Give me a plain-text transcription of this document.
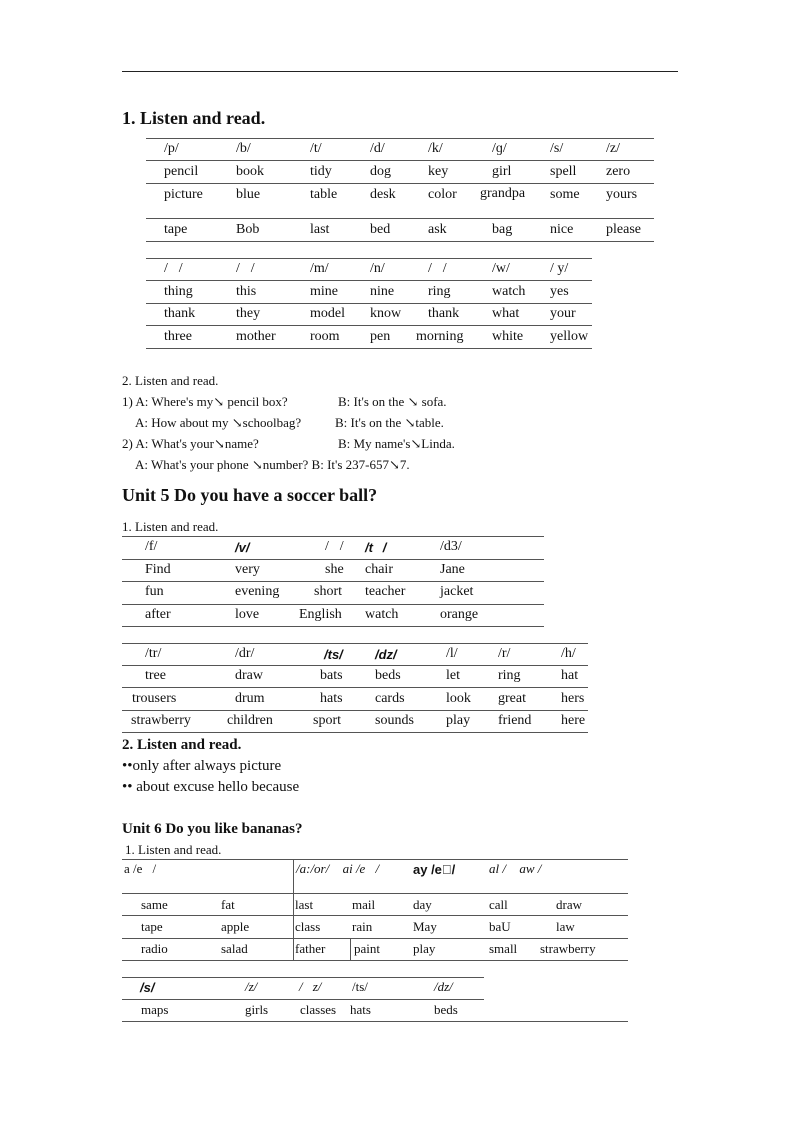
1. Listen and read.
/p/	/b/	/t/	/d/	/k/	/ɡ/	/s/	/z/
pencil	book	tidy	dog	key	girl	spell zero
picture blue	table desk color grandpa	some yours
tape	Bob	last	bed	ask	bag	nice please
/ /	/ /	/m/	/n/	/ /	/w/	/ y/
thing	this	mine nine ring	watch yes
thank	they	model know thank what your
three	mother room pen morning white yellow
2. Listen and read.
1) A: Where's my↘ pencil box?	B: It's on the ↘ sofa.
A: How about my ↘schoolbag?	B: It's on the ↘table.
2) A: What's your↘name?	B: My name's↘Linda.
A: What's your phone ↘number? B: It's 237-657↘7.
Unit 5 Do you have a soccer ball?
1. Listen and read.
/f/	/v/	/ / /t /	/d3/
Find	very	she chair	Jane
fun	evening short teacher jacket
after	love	English watch	orange
/tr/	/dr/	/ts/ /dz/	/l/	/r/	/h/
tree	draw	bats beds	let	ring	hat
trousers	drum	hats cards	look great	hers
strawberry	children	sport sounds play friend here
2. Listen and read.
••only after always picture
•• about excuse hello because
Unit 6 Do you like bananas?
1. Listen and read.
a /e /	 	/a:/or/  ai /e /	ay /e /	al /  aw /   
  
same	fat	last	mail	day	call	draw
tape	apple	class rain	May	baU	law
radio	salad	father paint	play	small strawberry
/s/	/z/	/ z/ /ts/	/dz/
maps	girls classes hats	beds
